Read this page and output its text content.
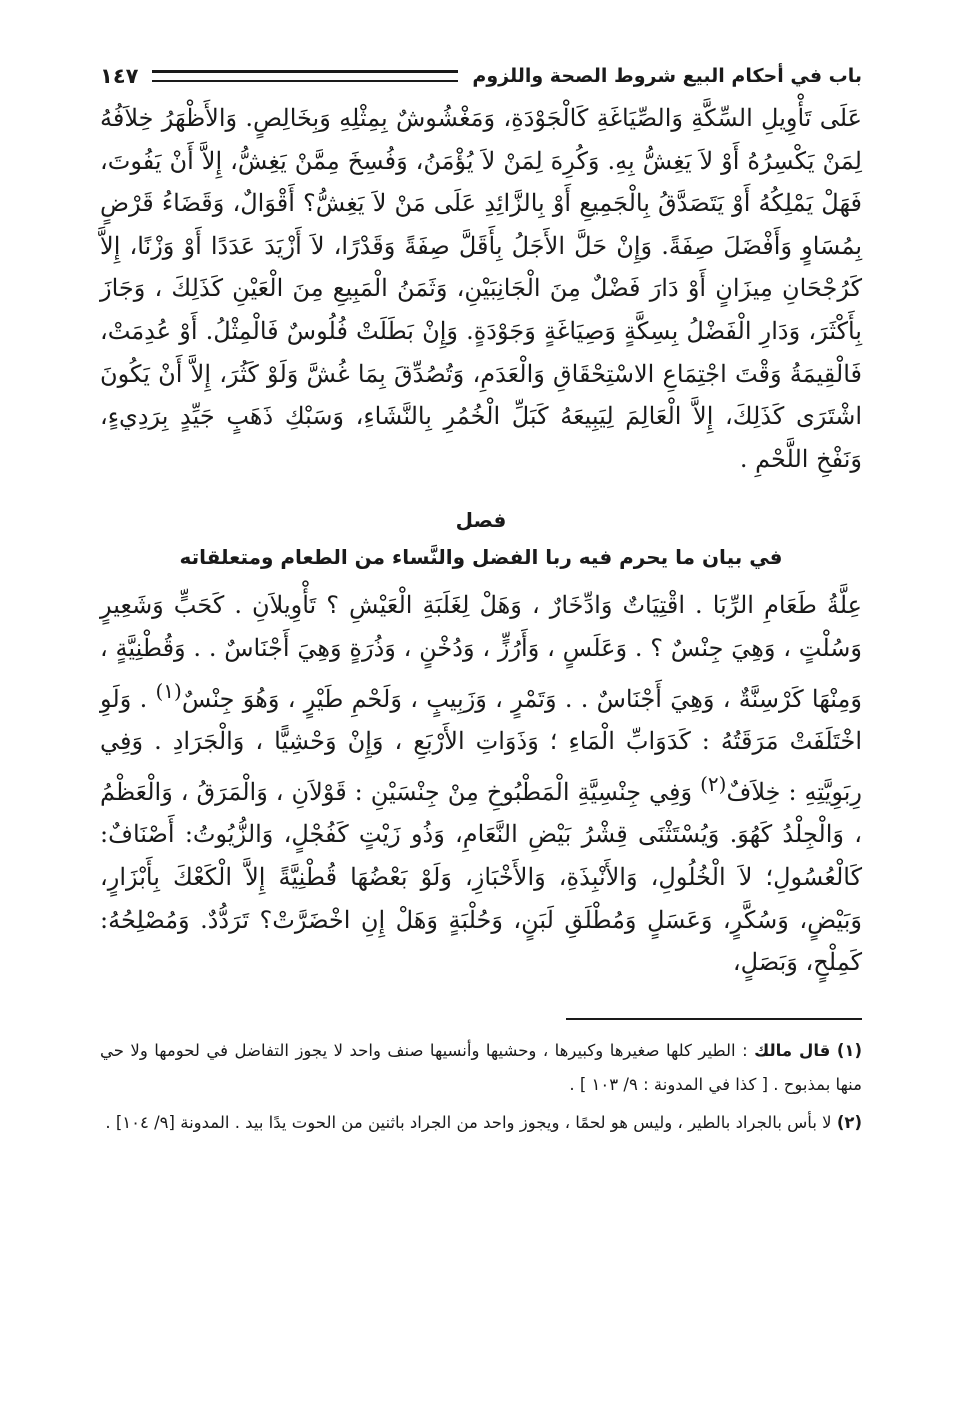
باب في أحكام البيع شروط الصحة واللزوم
١٤٧

عَلَى تَأْوِيلِ السِّكَّةِ وَالصِّيَاغَةِ كَالْجَوْدَةِ، وَمَغْشُوشٌ بِمِثْلِهِ وَبِخَالِصٍ. وَالأَظْهَرُ خِلاَفُهُ لِمَنْ يَكْسِرُهُ أَوْ لاَ يَغِشُّ بِهِ. وَكُرِهَ لِمَنْ لاَ يُؤْمَنُ، وَفُسِخَ مِمَّنْ يَغِشُّ، إِلاَّ أَنْ يَفُوتَ، فَهَلْ يَمْلِكُهُ أَوْ يَتَصَدَّقُ بِالْجَمِيعِ أَوْ بِالزَّائِدِ عَلَى مَنْ لاَ يَغِشُّ؟ أَقْوَالٌ، وَقَضَاءُ قَرْضٍ بِمُسَاوٍ وَأَفْضَلَ صِفَةً. وَإِنْ حَلَّ الأَجَلُ بِأَقَلَّ صِفَةً وَقَدْرًا، لاَ أَزْيَدَ عَدَدًا أَوْ وَزْنًا، إِلاَّ كَرُجْحَانِ مِيزَانٍ أَوْ دَارَ فَضْلٌ مِنَ الْجَانِبَيْنِ، وَثَمَنُ الْمَبِيعِ مِنَ الْعَيْنِ كَذَلِكَ ، وَجَازَ بِأَكْثَرَ، وَدَارِ الْفَضْلُ بِسِكَّةٍ وَصِيَاغَةٍ وَجَوْدَةٍ. وَإِنْ بَطَلَتْ فُلُوسٌ فَالْمِثْلُ. أَوْ عُدِمَتْ، فَالْقِيمَةُ وَقْتَ اجْتِمَاعِ الاسْتِحْقَاقِ وَالْعَدَمِ، وَتُصُدِّقَ بِمَا غُشَّ وَلَوْ كَثُرَ، إِلاَّ أَنْ يَكُونَ اشْتَرَى كَذَلِكَ، إِلاَّ الْعَالِمَ لِيَبِيعَهُ كَبَلِّ الْخُمُرِ بِالنَّشَاءِ، وَسَبْكِ ذَهَبٍ جَيِّدٍ بِرَدِيءٍ، وَنَفْخِ اللَّحْمِ .

فصل
في بيان ما يحرم فيه ربا الفضل والنَّساء من الطعام ومتعلقاته

عِلَّةُ طَعَامِ الرِّبَا . اقْتِيَاتٌ وَادِّخَارٌ ، وَهَلْ لِغَلَبَةِ الْعَيْشِ ؟ تَأْوِيلاَنِ . كَحَبٍّ وَشَعِيرٍ وَسُلْتٍ ، وَهِيَ جِنْسٌ ؟ . وَعَلَسٍ ، وَأَرُزٍّ ، وَدُخْنٍ ، وَذُرَةٍ وَهِيَ أَجْنَاسٌ . . وَقُطْنِيَّةٍ ، وَمِنْهَا كَرْسِنَّةٌ ، وَهِيَ أَجْنَاسٌ . . وَتَمْرٍ ، وَزَبِيبٍ ، وَلَحْمِ طَيْرٍ ، وَهُوَ جِنْسٌ$^{(١)}$ . وَلَوِ اخْتَلَفَتْ مَرَقَتُهُ : كَدَوَابِّ الْمَاءِ ؛ وَذَوَاتِ الأَرْبَعِ ، وَإِنْ وَحْشِيًّا ، وَالْجَرَادِ . وَفِي رِبَوِيَّتِهِ : خِلاَفٌ$^{(٢)}$ وَفِي جِنْسِيَّةِ الْمَطْبُوخِ مِنْ جِنْسَيْنِ : قَوْلاَنِ ، وَالْمَرَقُ ، وَالْعَظْمُ ، وَالْجِلْدُ كَهُوَ. وَيُسْتَثْنَى قِشْرُ بَيْضِ النَّعَامِ، وَذُو زَيْتٍ كَفُجْلٍ، وَالزُّيُوتُ: أَصْنَافٌ: كَالْعُسُولِ؛ لاَ الْخُلُولِ، وَالأَنْبِذَةِ، وَالأَخْبَازِ، وَلَوْ بَعْضُهَا قُطْنِيَّةً إِلاَّ الْكَعْكَ بِأَبْزَارٍ، وَبَيْضٍ، وَسُكَّرٍ، وَعَسَلٍ وَمُطْلَقِ لَبَنٍ، وَحُلْبَةٍ وَهَلْ إِنِ اخْضَرَّتْ؟ تَرَدُّدٌ. وَمُصْلِحُهُ: كَمِلْحٍ، وَبَصَلٍ،

(١) قال مالك : الطير كلها صغيرها وكبيرها ، وحشيها وأنسيها صنف واحد لا يجوز التفاضل في لحومها ولا حي منها بمذبوح . [ كذا في المدونة : ٩/ ١٠٣ ] .

(٢) لا بأس بالجراد بالطير ، وليس هو لحمًا ، ويجوز واحد من الجراد باثنين من الحوت يدًا بيد . المدونة [٩/ ١٠٤] .
